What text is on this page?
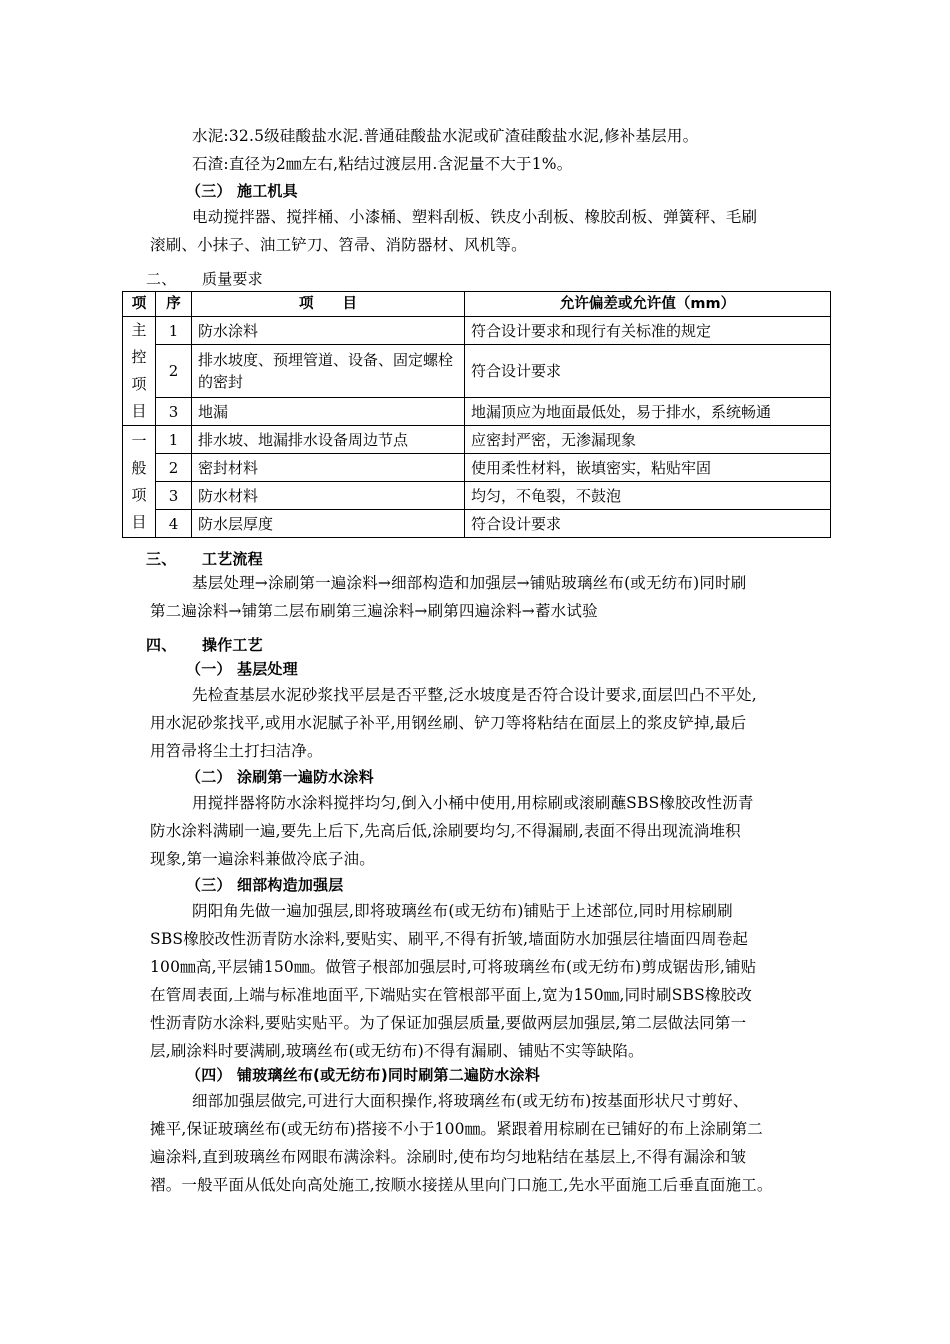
水泥:32.5级硅酸盐水泥.普通硅酸盐水泥或矿渣硅酸盐水泥,修补基层用。
石渣:直径为2㎜左右,粘结过渡层用.含泥量不大于1%。
（三） 施工机具
电动搅拌器、搅拌桶、小漆桶、塑料刮板、铁皮小刮板、橡胶刮板、弹簧秤、毛刷
滚刷、小抹子、油工铲刀、笤帚、消防器材、风机等。
二、 质量要求
项	序	项　　目	允许偏差或允许值（mm）

主
控
项
目	1	防水涂料	符合设计要求和现行有关标准的规定
	2	排水坡度、预埋管道、设备、固定螺栓的密封	符合设计要求
	3	地漏	地漏顶应为地面最低处，易于排水，系统畅通

一
般
项
目	1	排水坡、地漏排水设备周边节点	应密封严密，无渗漏现象
	2	密封材料	使用柔性材料，嵌填密实，粘贴牢固
	3	防水材料	均匀，不龟裂，不鼓泡
	4	防水层厚度	符合设计要求
三、 工艺流程
基层处理→涂刷第一遍涂料→细部构造和加强层→铺贴玻璃丝布(或无纺布)同时刷
第二遍涂料→铺第二层布刷第三遍涂料→刷第四遍涂料→蓄水试验
四、 操作工艺
（一） 基层处理
先检查基层水泥砂浆找平层是否平整,泛水坡度是否符合设计要求,面层凹凸不平处,
用水泥砂浆找平,或用水泥腻子补平,用钢丝刷、铲刀等将粘结在面层上的浆皮铲掉,最后
用笤帚将尘土打扫洁净。
（二） 涂刷第一遍防水涂料
用搅拌器将防水涂料搅拌均匀,倒入小桶中使用,用棕刷或滚刷蘸SBS橡胶改性沥青
防水涂料满刷一遍,要先上后下,先高后低,涂刷要均匀,不得漏刷,表面不得出现流淌堆积
现象,第一遍涂料兼做冷底子油。
（三） 细部构造加强层
阴阳角先做一遍加强层,即将玻璃丝布(或无纺布)铺贴于上述部位,同时用棕刷刷
SBS橡胶改性沥青防水涂料,要贴实、刷平,不得有折皱,墙面防水加强层往墙面四周卷起
100㎜高,平层铺150㎜。做管子根部加强层时,可将玻璃丝布(或无纺布)剪成锯齿形,铺贴
在管周表面,上端与标准地面平,下端贴实在管根部平面上,宽为150㎜,同时刷SBS橡胶改
性沥青防水涂料,要贴实贴平。为了保证加强层质量,要做两层加强层,第二层做法同第一
层,刷涂料时要满刷,玻璃丝布(或无纺布)不得有漏刷、铺贴不实等缺陷。
（四） 铺玻璃丝布(或无纺布)同时刷第二遍防水涂料
细部加强层做完,可进行大面积操作,将玻璃丝布(或无纺布)按基面形状尺寸剪好、
摊平,保证玻璃丝布(或无纺布)搭接不小于100㎜。紧跟着用棕刷在已铺好的布上涂刷第二
遍涂料,直到玻璃丝布网眼布满涂料。涂刷时,使布均匀地粘结在基层上,不得有漏涂和皱
褶。一般平面从低处向高处施工,按顺水接搓从里向门口施工,先水平面施工后垂直面施工。
